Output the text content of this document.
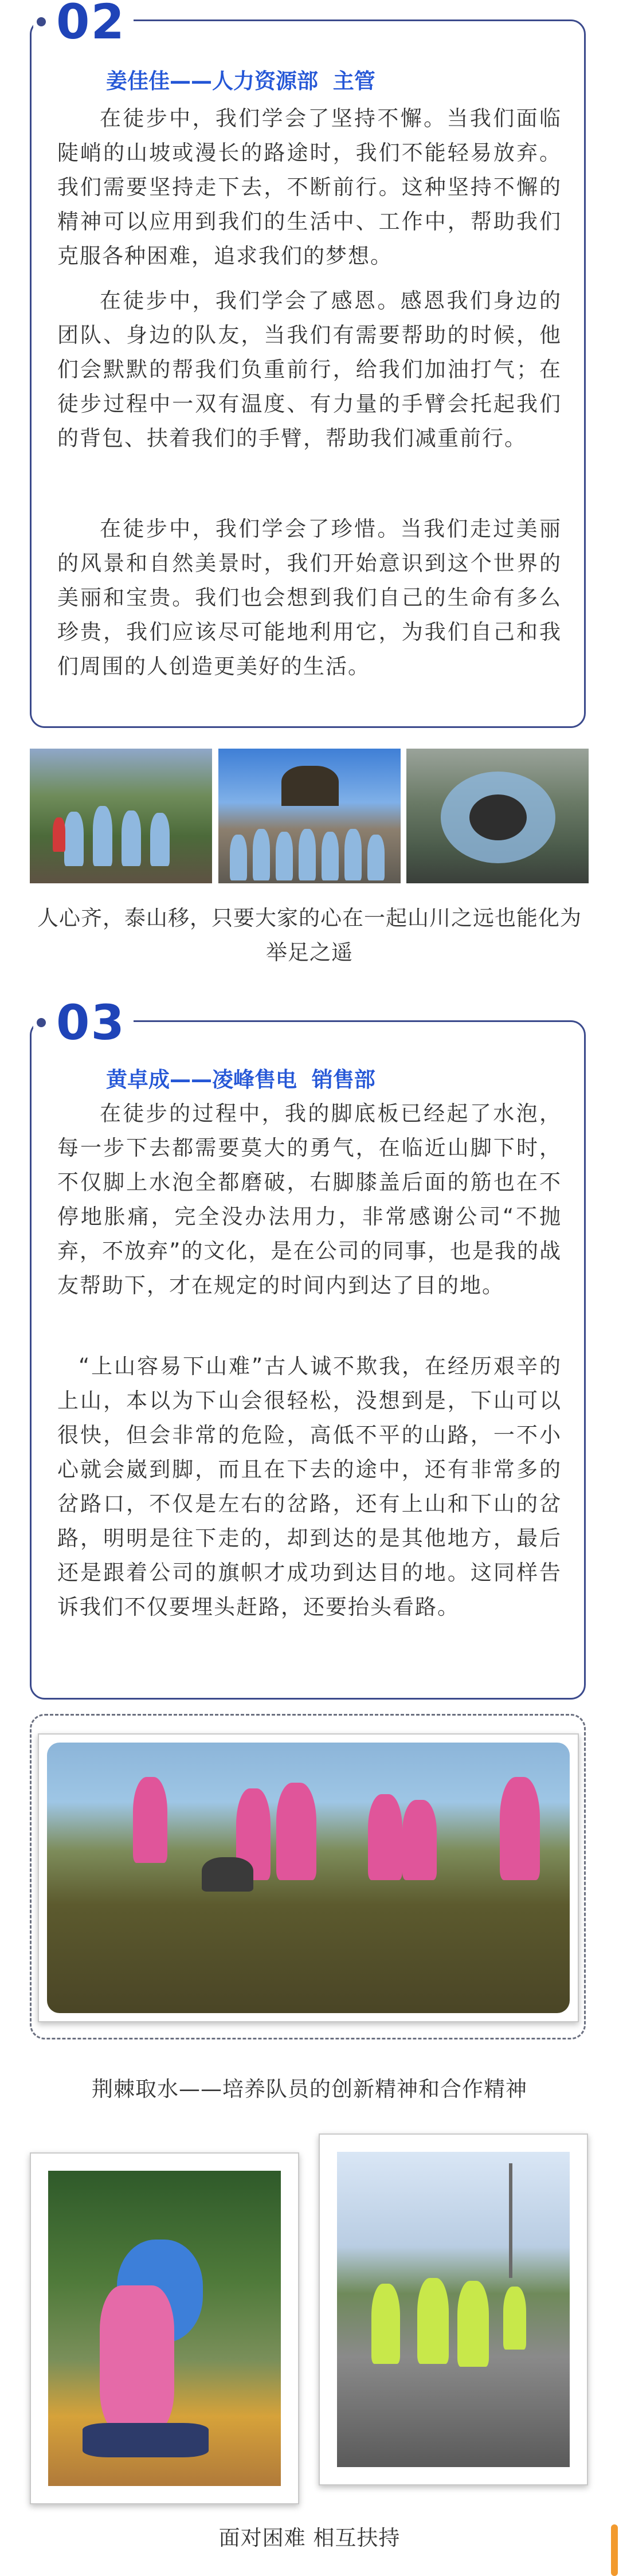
姜佳佳——人力资源部  主管

在徒步中，我们学会了坚持不懈。当我们面临陡峭的山坡或漫长的路途时，我们不能轻易放弃。我们需要坚持走下去，不断前行。这种坚持不懈的精神可以应用到我们的生活中、工作中，帮助我们克服各种困难，追求我们的梦想。

在徒步中，我们学会了感恩。感恩我们身边的团队、身边的队友，当我们有需要帮助的时候，他们会默默的帮我们负重前行，给我们加油打气；在徒步过程中一双有温度、有力量的手臂会托起我们的背包、扶着我们的手臂，帮助我们减重前行。

在徒步中，我们学会了珍惜。当我们走过美丽的风景和自然美景时，我们开始意识到这个世界的美丽和宝贵。我们也会想到我们自己的生命有多么珍贵，我们应该尽可能地利用它，为我们自己和我们周围的人创造更美好的生活。

02
人心齐，泰山移，只要大家的心在一起山川之远也能化为举足之遥
黄卓成——凌峰售电  销售部

在徒步的过程中，我的脚底板已经起了水泡，每一步下去都需要莫大的勇气，在临近山脚下时，不仅脚上水泡全都磨破，右脚膝盖后面的筋也在不停地胀痛，完全没办法用力，非常感谢公司“不抛弃，不放弃”的文化，是在公司的同事，也是我的战友帮助下，才在规定的时间内到达了目的地。

“上山容易下山难”古人诚不欺我，在经历艰辛的上山，本以为下山会很轻松，没想到是，下山可以很快，但会非常的危险，高低不平的山路，一不小心就会崴到脚，而且在下去的途中，还有非常多的岔路口，不仅是左右的岔路，还有上山和下山的岔路，明明是往下走的，却到达的是其他地方，最后还是跟着公司的旗帜才成功到达目的地。这同样告诉我们不仅要埋头赶路，还要抬头看路。

03
荆棘取水——培养队员的创新精神和合作精神
面对困难 相互扶持
